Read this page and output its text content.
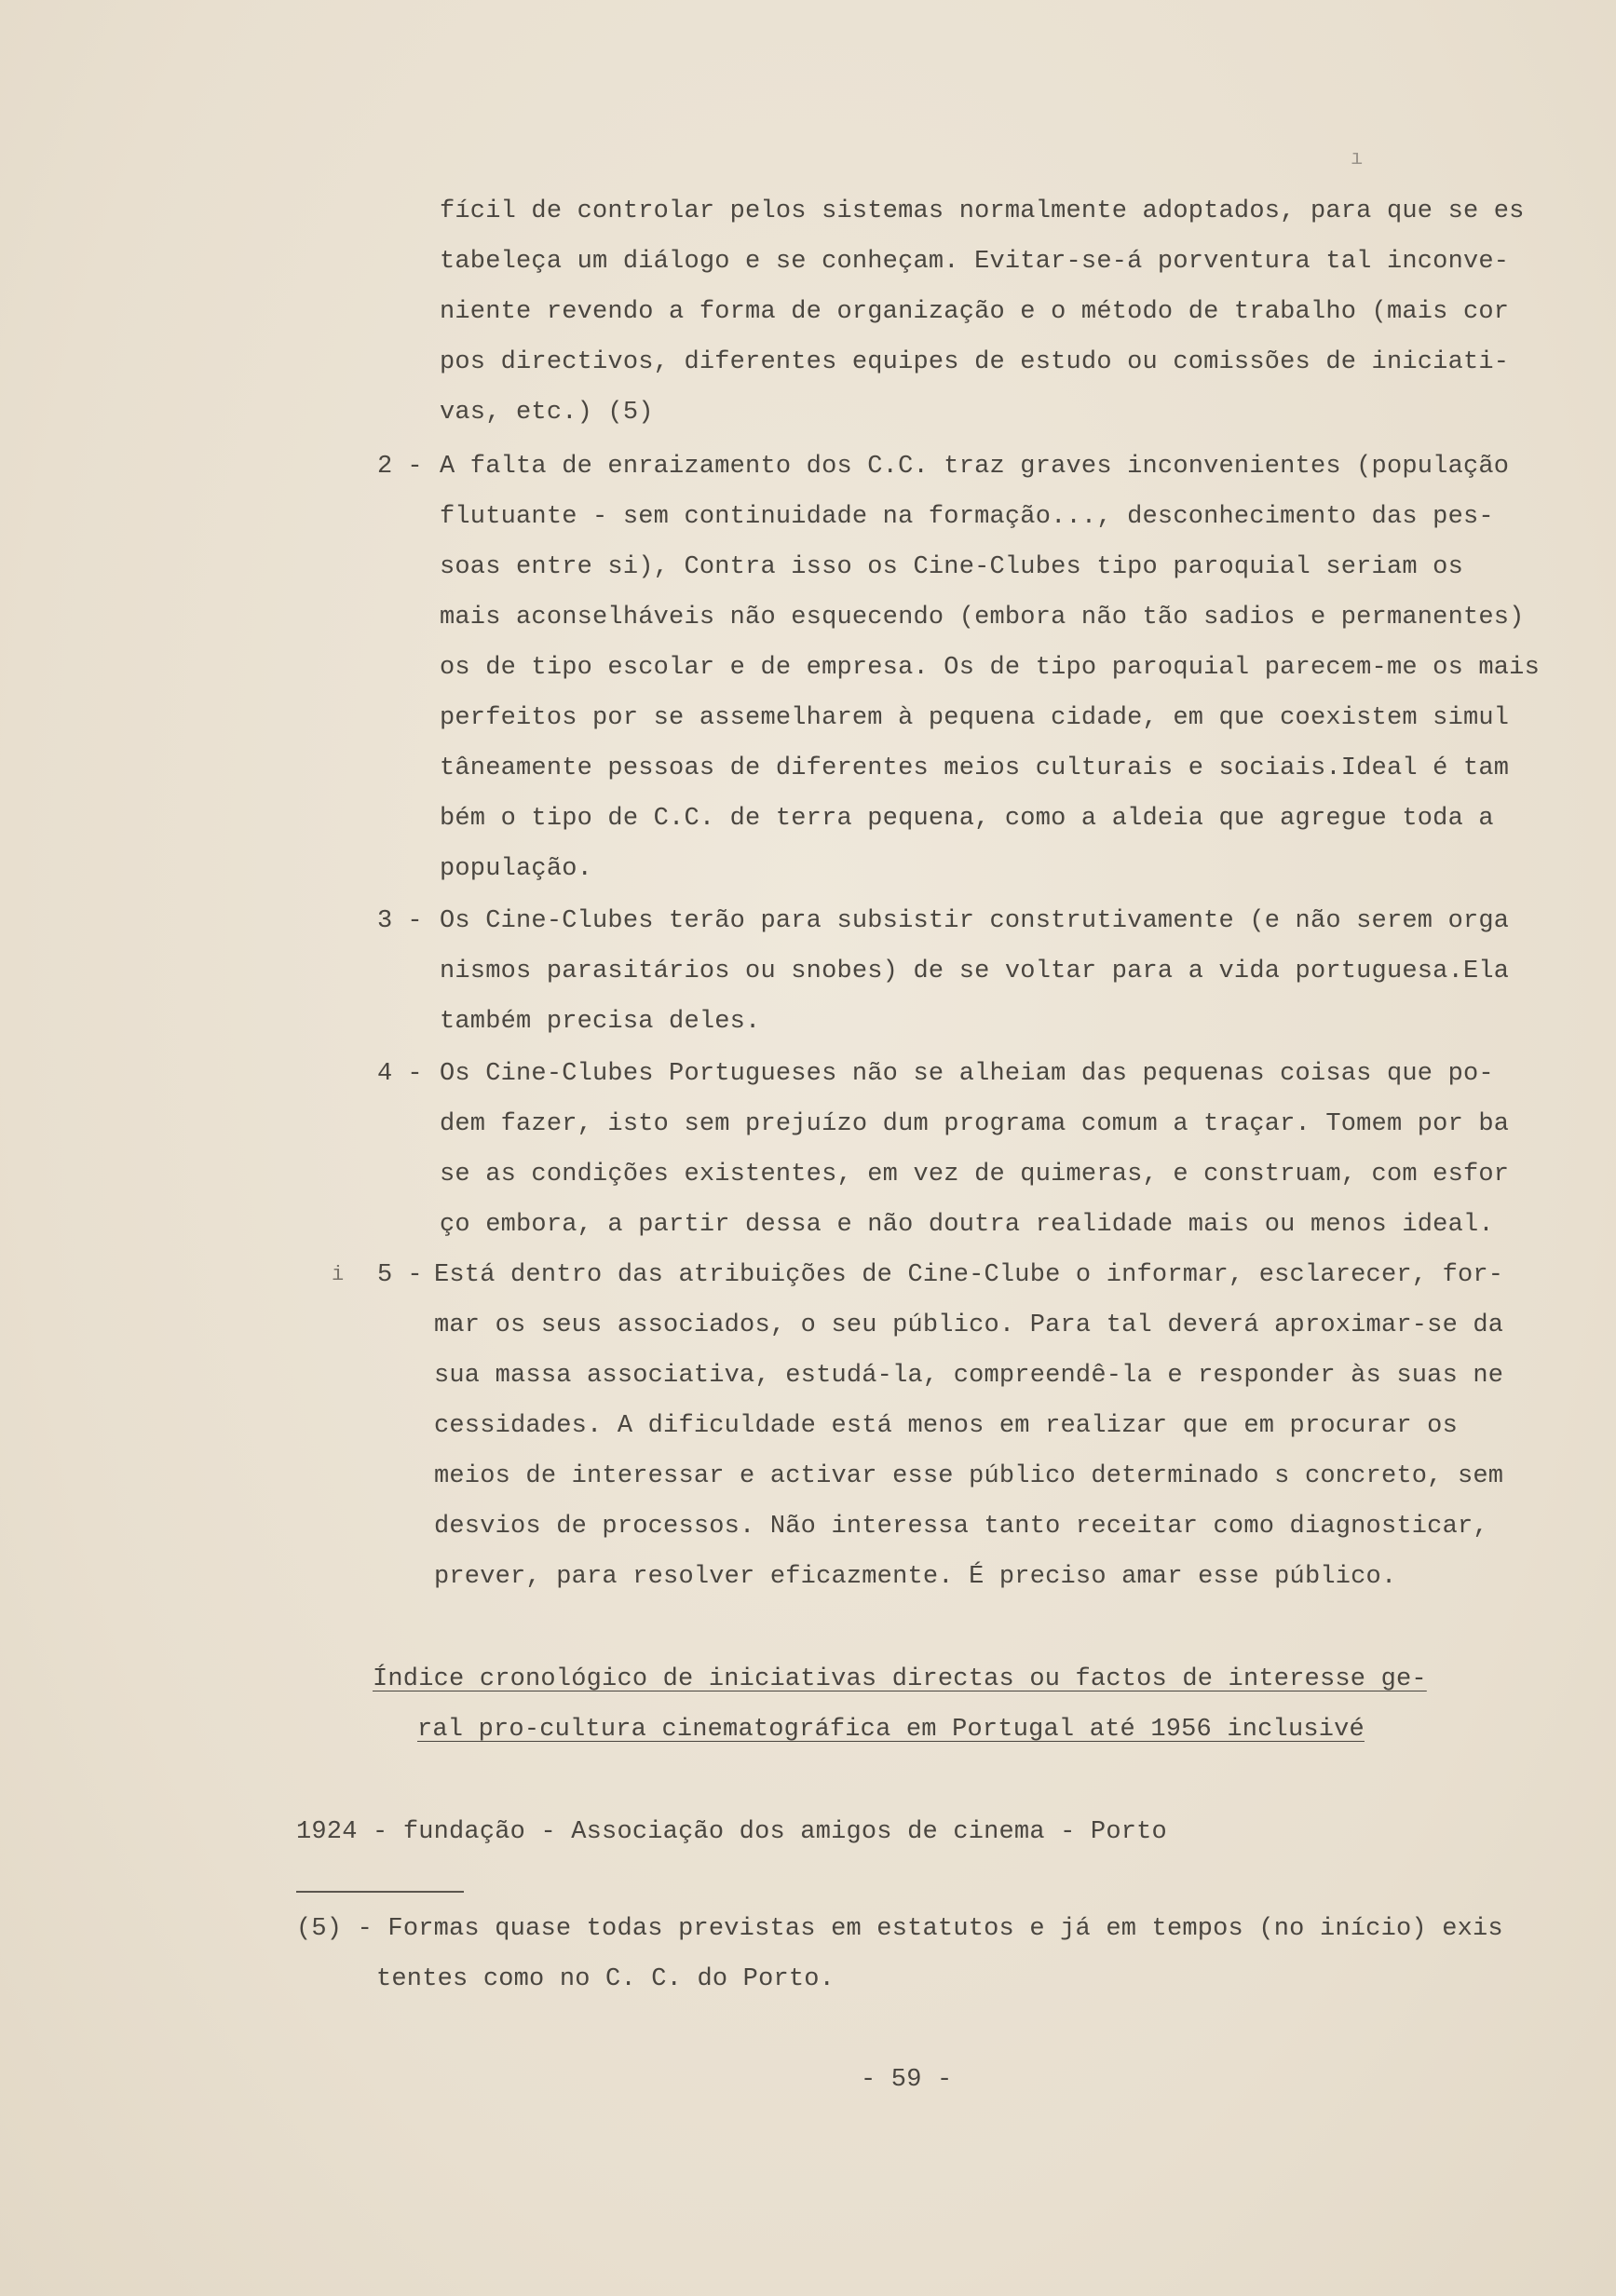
ı
fícil de controlar pelos sistemas normalmente adoptados, para que se es
tabeleça um diálogo e se conheçam. Evitar-se-á porventura tal inconve-
niente revendo a forma de organização e o método de trabalho (mais cor
pos directivos, diferentes equipes de estudo ou comissões de iniciati-
vas, etc.) (5)
2 - A falta de enraizamento dos C.C. traz graves inconvenientes (população
flutuante - sem continuidade na formação..., desconhecimento das pes-
soas entre si), Contra isso os Cine-Clubes tipo paroquial seriam os
mais aconselháveis não esquecendo (embora não tão sadios e permanentes)
os de tipo escolar e de empresa. Os de tipo paroquial parecem-me os mais
perfeitos por se assemelharem à pequena cidade, em que coexistem simul
tâneamente pessoas de diferentes meios culturais e sociais.Ideal é tam
bém o tipo de C.C. de terra pequena, como a aldeia que agregue toda a
população.
3 - Os Cine-Clubes terão para subsistir construtivamente (e não serem orga
nismos parasitários ou snobes) de se voltar para a vida portuguesa.Ela
também precisa deles.
4 - Os Cine-Clubes Portugueses não se alheiam das pequenas coisas que po-
dem fazer, isto sem prejuízo dum programa comum a traçar. Tomem por ba
se as condições existentes, em vez de quimeras, e construam, com esfor
ço embora, a partir dessa e não doutra realidade mais ou menos ideal.
i 5 - Está dentro das atribuições de Cine-Clube o informar, esclarecer, for-
mar os seus associados, o seu público. Para tal deverá aproximar-se da
sua massa associativa, estudá-la, compreendê-la e responder às suas ne
cessidades. A dificuldade está menos em realizar que em procurar os
meios de interessar e activar esse público determinado s concreto, sem
desvios de processos. Não interessa tanto receitar como diagnosticar,
prever, para resolver eficazmente. É preciso amar esse público.
Índice cronológico de iniciativas directas ou factos de interesse ge-
ral pro-cultura cinematográfica em Portugal até 1956 inclusivé
1924 - fundação - Associação dos amigos de cinema - Porto
(5) - Formas quase todas previstas em estatutos e já em tempos (no início) exis
tentes como no C. C. do Porto.
- 59 -
